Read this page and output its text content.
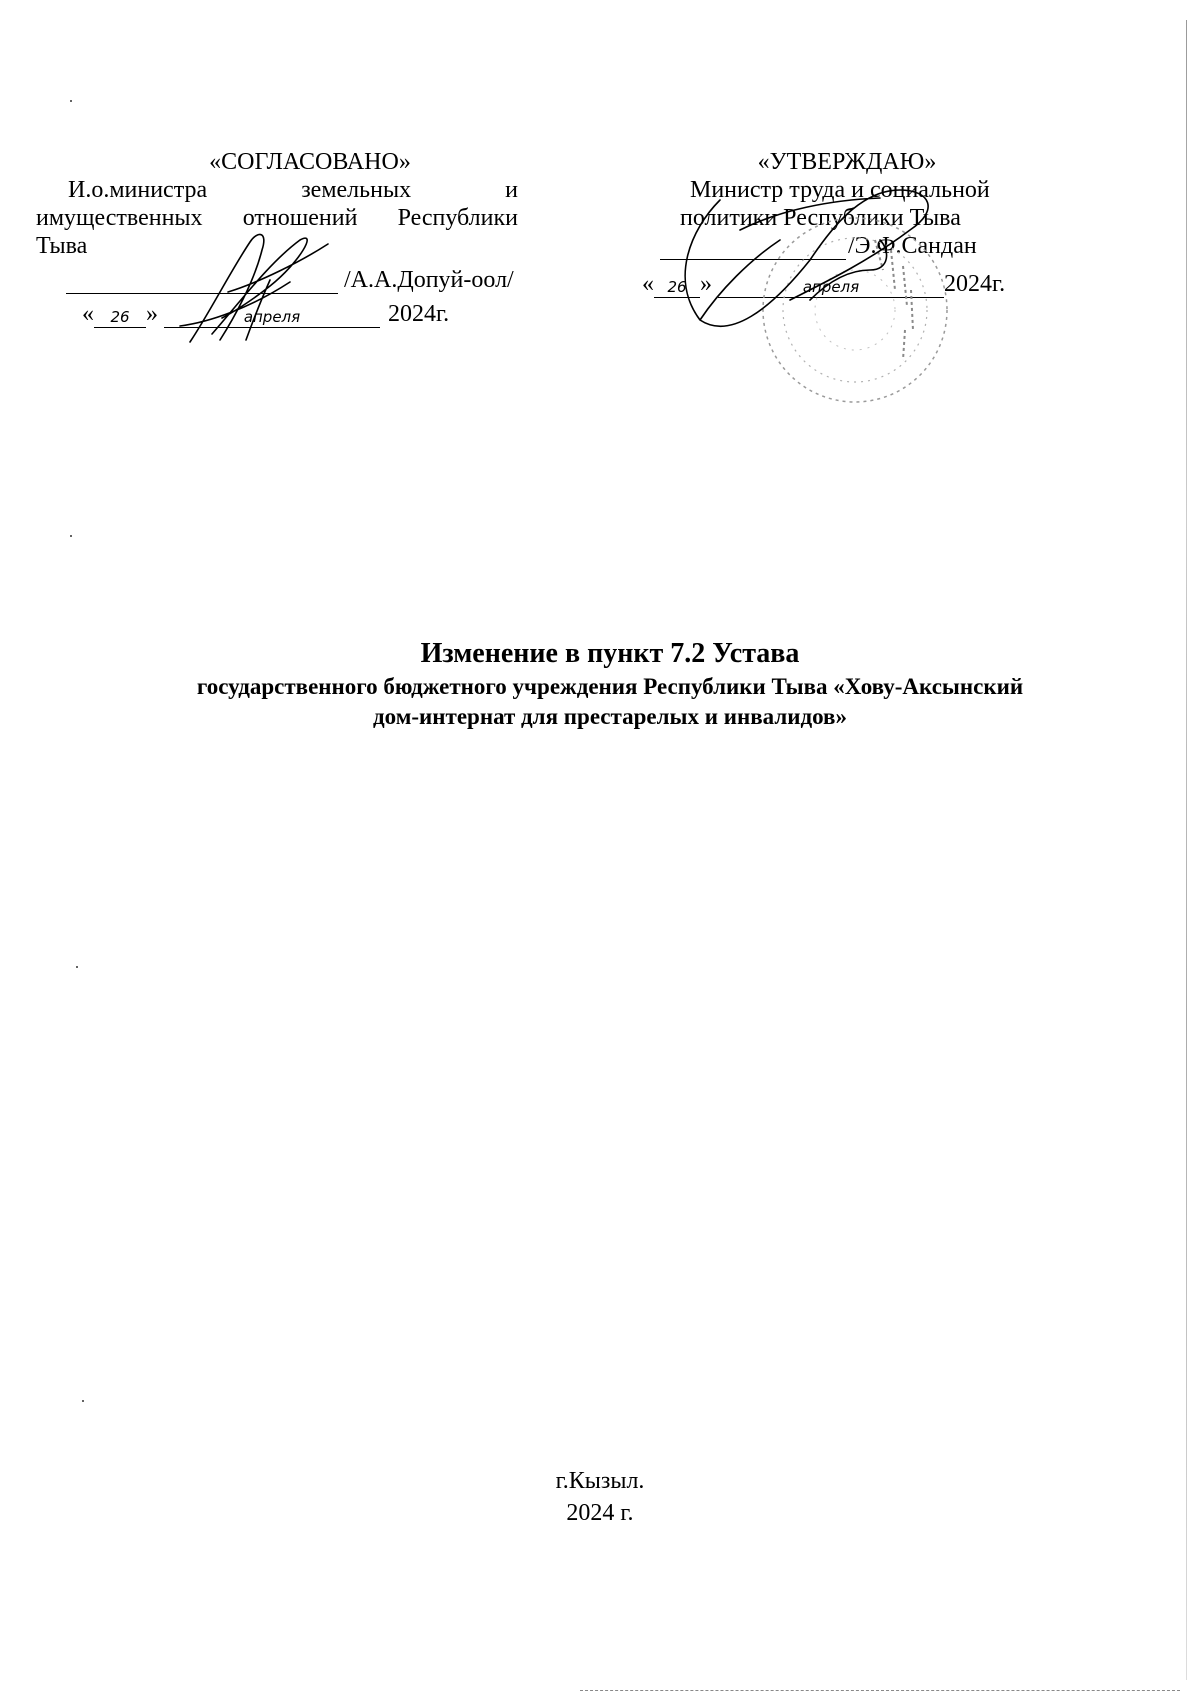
«СОГЛАСОВАНО»
И.о.министра	земельных	и
имущественных отношений Республики
Тыва
/А.А.Допуй-оол/
«	26 »	апреля	2024г.
«УТВЕРЖДАЮ»
Министр труда и социальной
политики Республики Тыва
/Э.Ф.Сандан
« 26 »	апреля	2024г.
Изменение в пункт 7.2 Устава
государственного бюджетного учреждения Республики Тыва «Хову-Аксынский
дом-интернат для престарелых и инвалидов»
г.Кызыл.
2024 г.
